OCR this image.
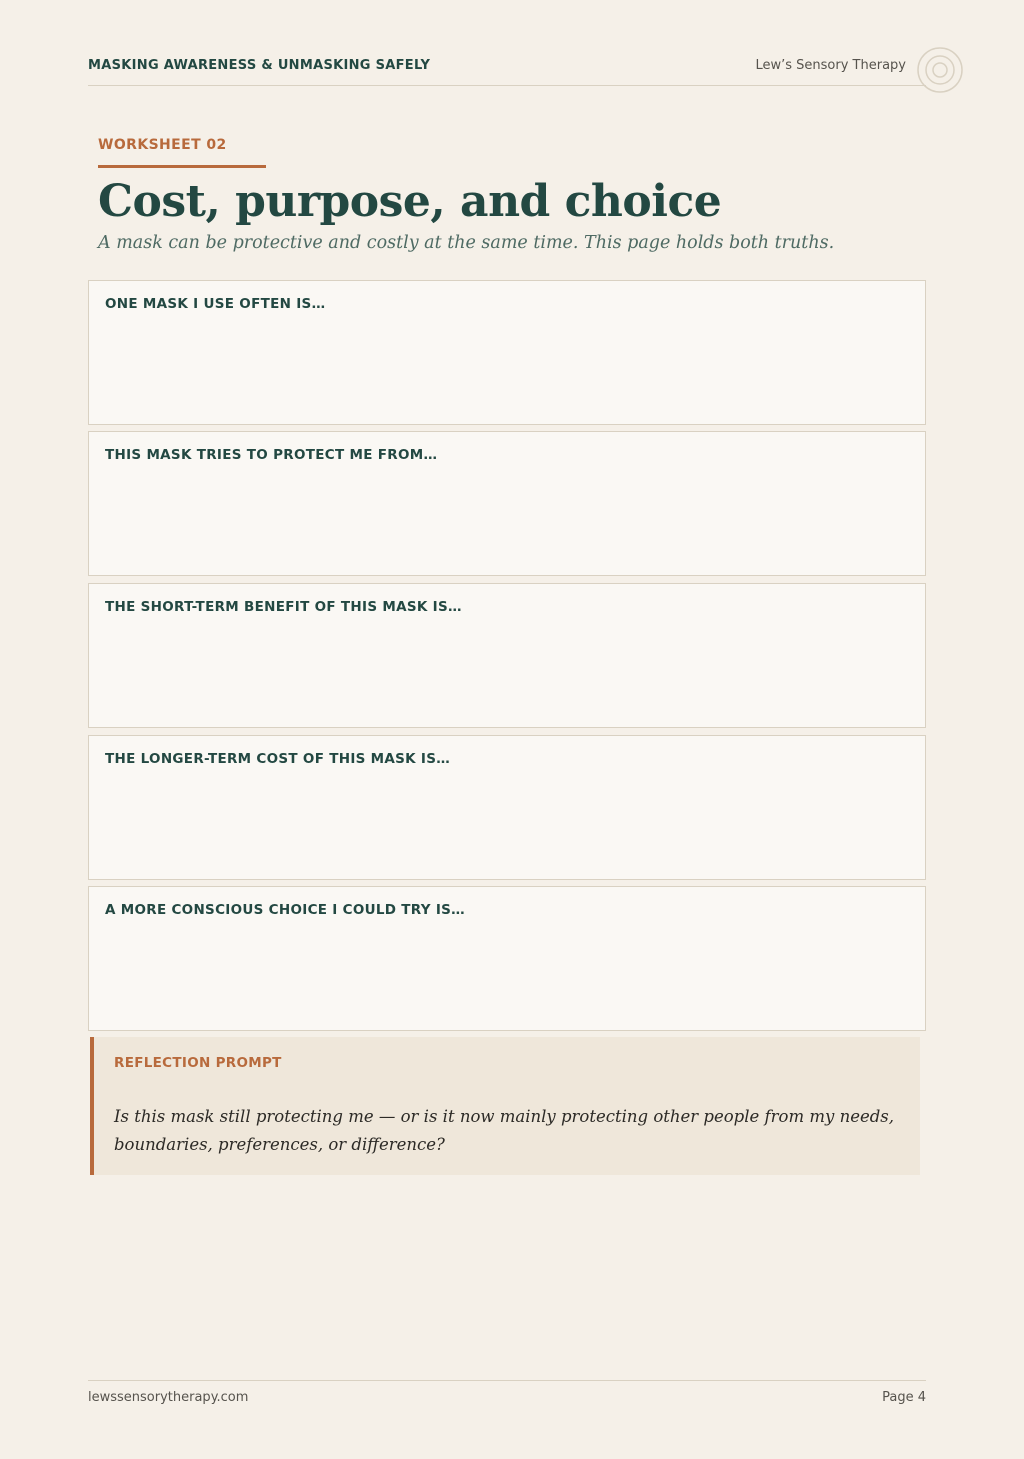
MASKING AWARENESS & UNMASKING SAFELY	Lew’s Sensory Therapy
WORKSHEET 02
Cost, purpose, and choice

A mask can be protective and costly at the same time. This page holds both truths.

ONE MASK I USE OFTEN IS…
THIS MASK TRIES TO PROTECT ME FROM…
THE SHORT-TERM BENEFIT OF THIS MASK IS…
THE LONGER-TERM COST OF THIS MASK IS…
A MORE CONSCIOUS CHOICE I COULD TRY IS…
REFLECTION PROMPT

Is this mask still protecting me — or is it now mainly protecting other people from my needs, boundaries, preferences, or difference?

lewssensorytherapy.com	Page 4
